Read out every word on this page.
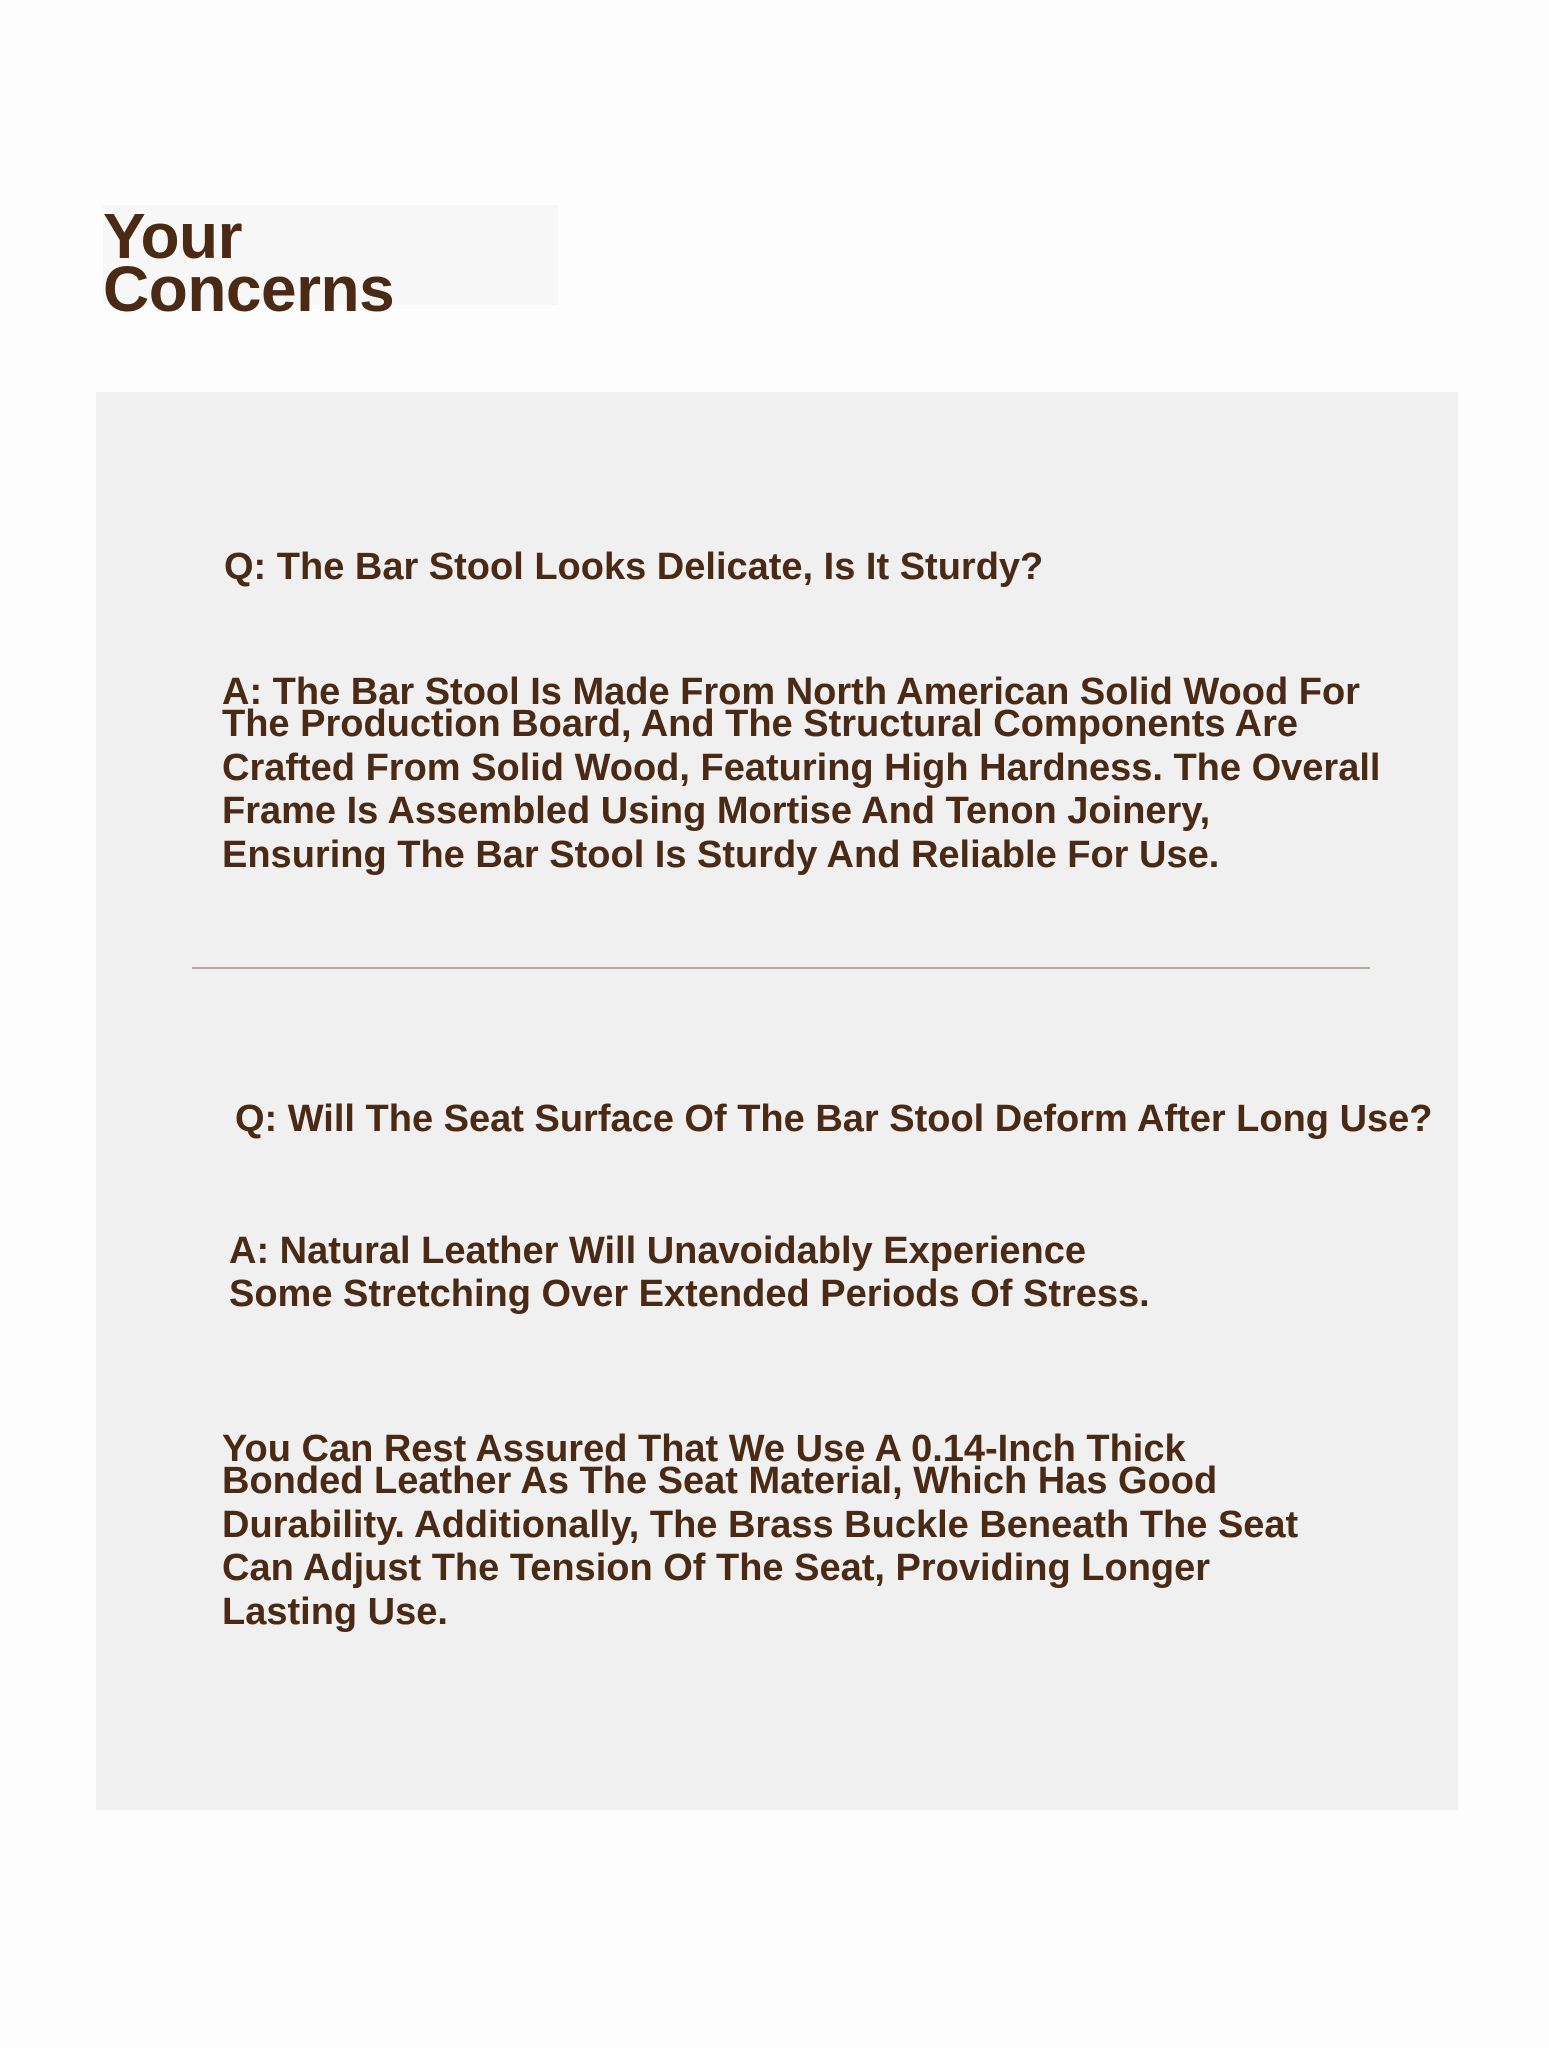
Your
Concerns

Q: The Bar Stool Looks Delicate, Is It Sturdy?

A: The Bar Stool Is Made From North American Solid Wood For

The Production Board, And The Structural Components Are

Crafted From Solid Wood, Featuring High Hardness. The Overall

Frame Is Assembled Using Mortise And Tenon Joinery,

Ensuring The Bar Stool Is Sturdy And Reliable For Use.

Q: Will The Seat Surface Of The Bar Stool Deform After Long Use?

A: Natural Leather Will Unavoidably Experience

Some Stretching Over Extended Periods Of Stress.

You Can Rest Assured That We Use A 0.14-Inch Thick

Bonded Leather As The Seat Material, Which Has Good

Durability. Additionally, The Brass Buckle Beneath The Seat

Can Adjust The Tension Of The Seat, Providing Longer

Lasting Use.
